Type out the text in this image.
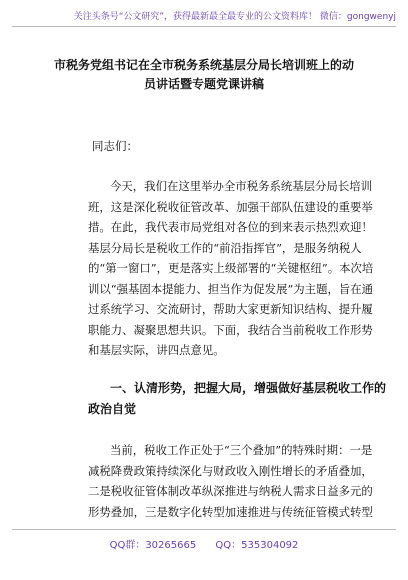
关注头条号“公文研究”，获得最新最全最专业的公文资料库！ 微信：gongwenyj
市税务党组书记在全市税务系统基层分局长培训班上的动
员讲话暨专题党课讲稿
同志们：
今天，我们在这里举办全市税务系统基层分局长培训
班，这是深化税收征管改革、加强干部队伍建设的重要举
措。在此，我代表市局党组对各位的到来表示热烈欢迎！
基层分局长是税收工作的“前沿指挥官”，是服务纳税人
的“第一窗口”，更是落实上级部署的“关键枢纽”。本次培
训以“强基固本提能力、担当作为促发展”为主题，旨在通
过系统学习、交流研讨，帮助大家更新知识结构、提升履
职能力、凝聚思想共识。下面，我结合当前税收工作形势
和基层实际，讲四点意见。
一、认清形势，把握大局，增强做好基层税收工作的
政治自觉
当前，税收工作正处于“三个叠加”的特殊时期：一是
减税降费政策持续深化与财政收入刚性增长的矛盾叠加，
二是税收征管体制改革纵深推进与纳税人需求日益多元的
形势叠加，三是数字化转型加速推进与传统征管模式转型
QQ群：30265665 QQ：535304092
